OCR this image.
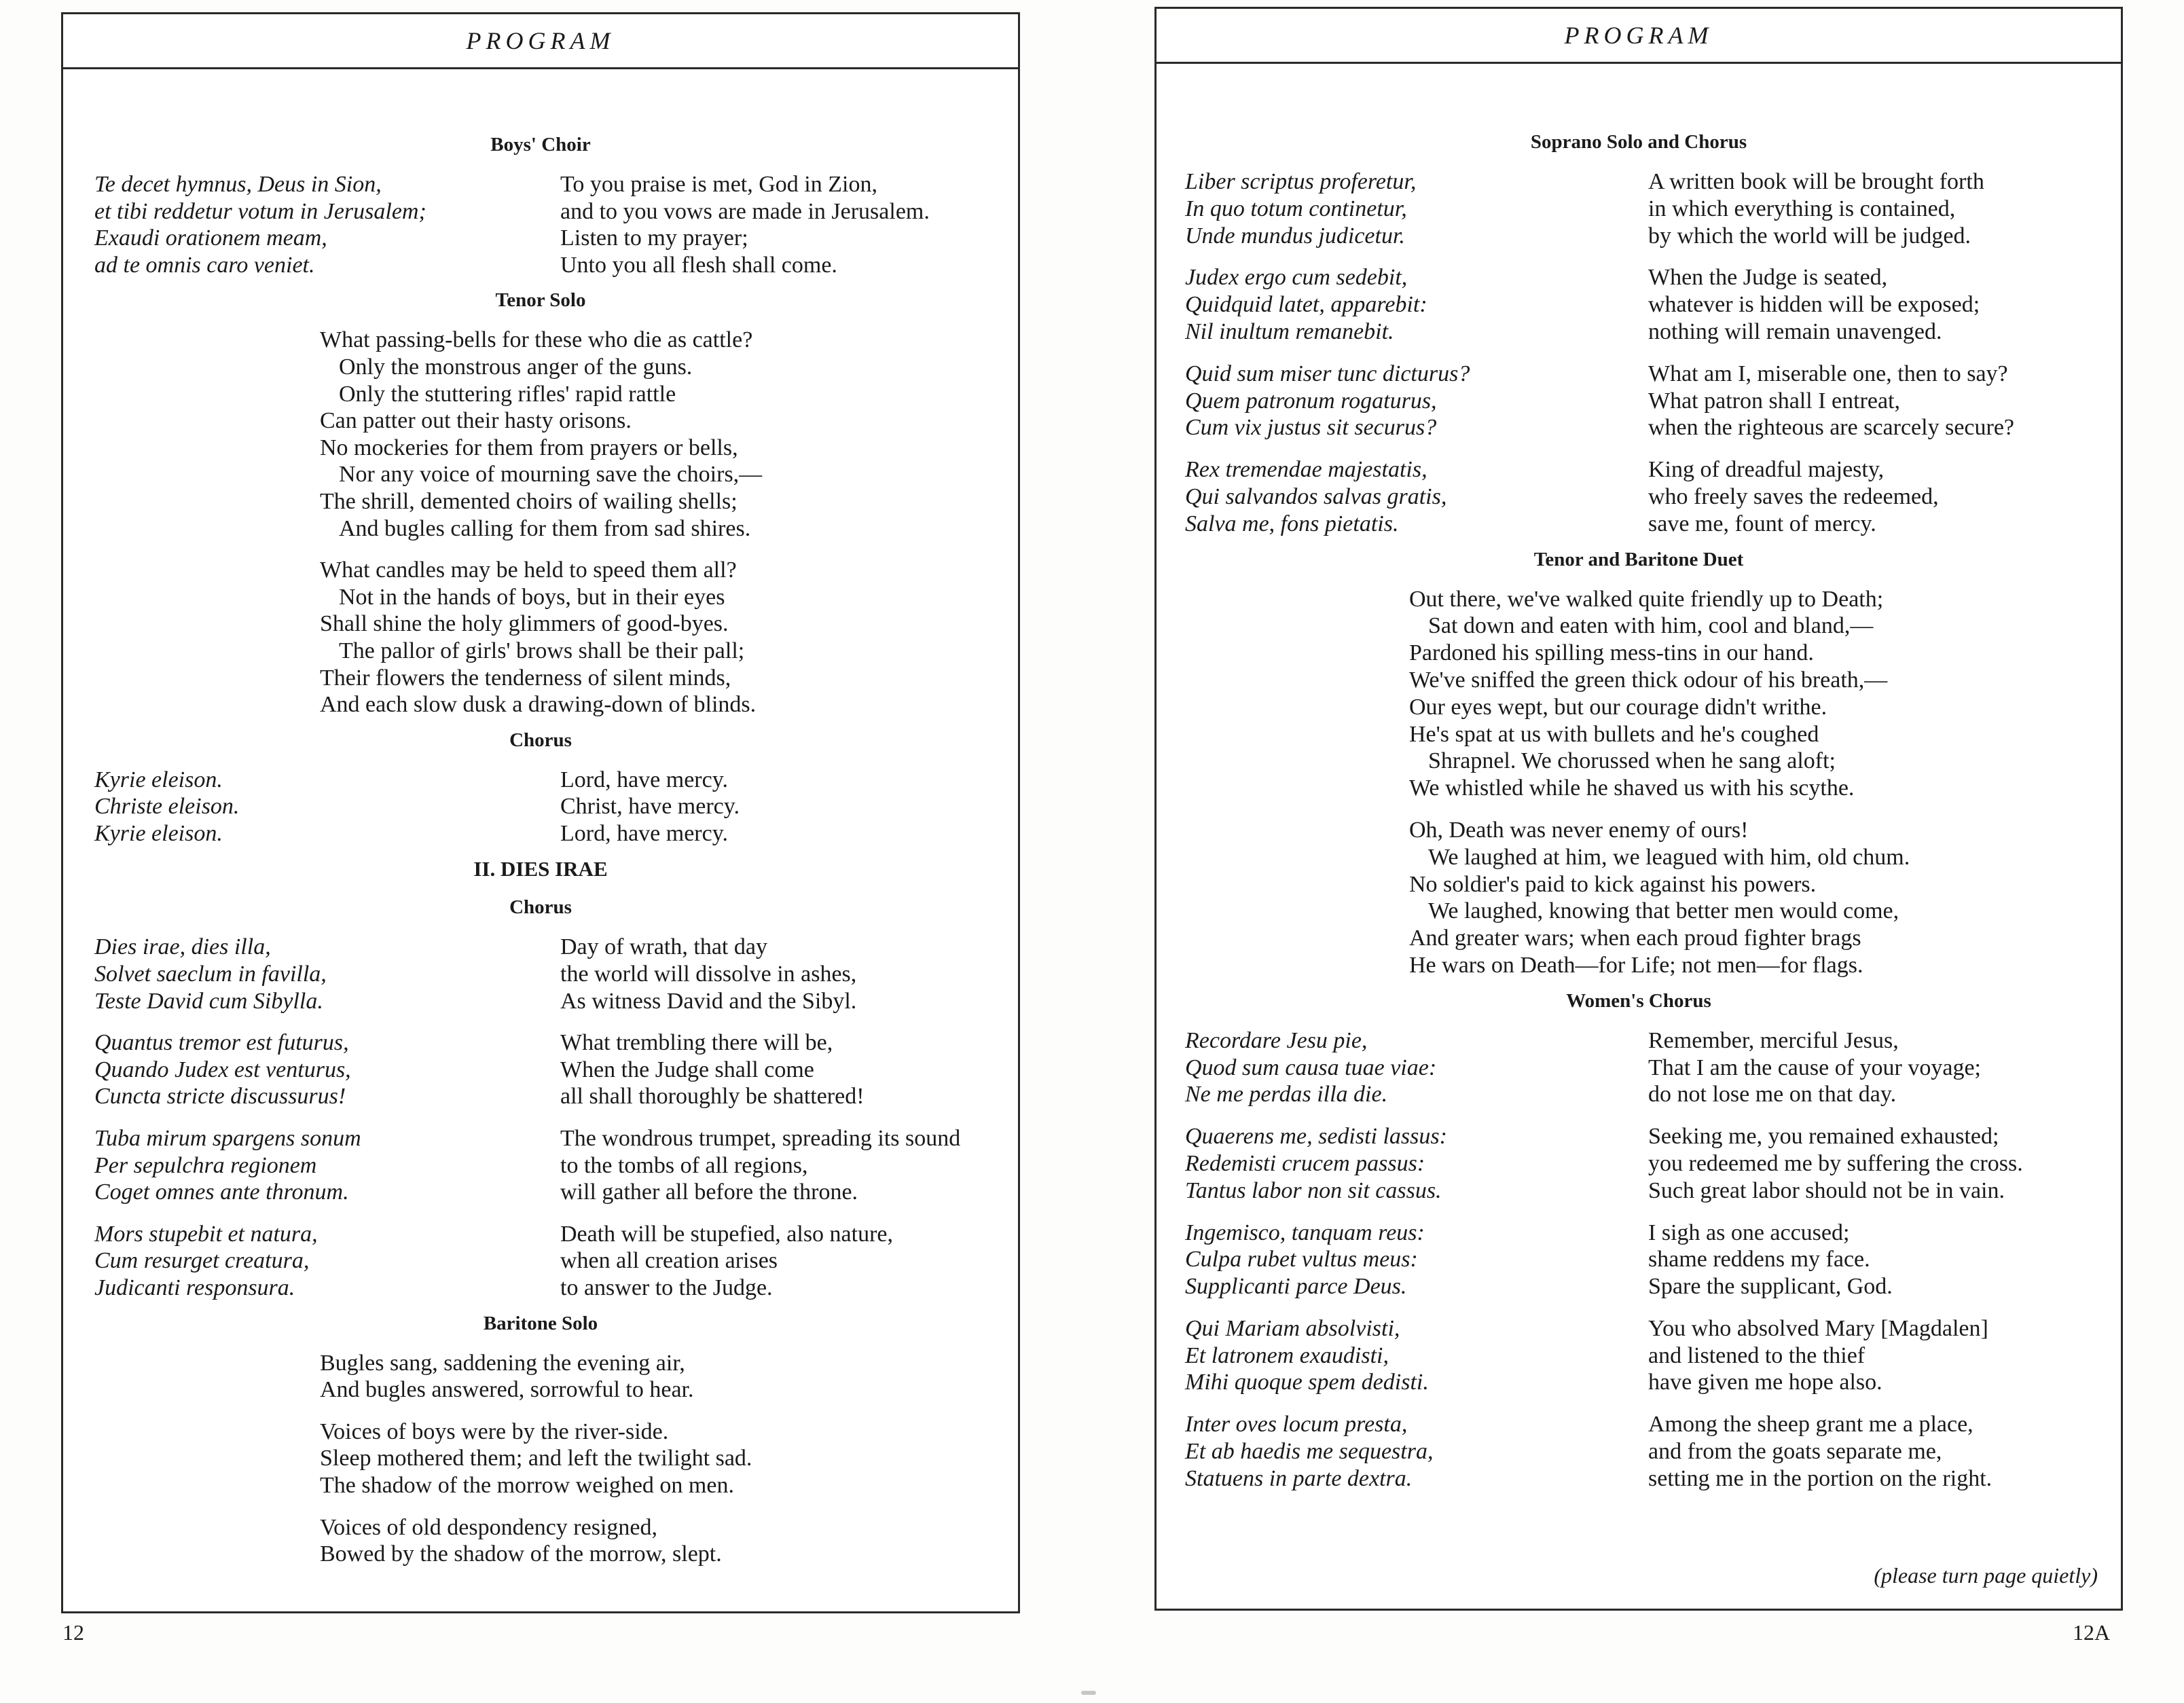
PROGRAM
Boys' Choir
Te decet hymnus, Deus in Sion,
et tibi reddetur votum in Jerusalem;
Exaudi orationem meam,
ad te omnis caro veniet.
To you praise is met, God in Zion,
and to you vows are made in Jerusalem.
Listen to my prayer;
Unto you all flesh shall come.
Tenor Solo
What passing-bells for these who die as cattle?
Only the monstrous anger of the guns.
Only the stuttering rifles' rapid rattle
Can patter out their hasty orisons.
No mockeries for them from prayers or bells,
Nor any voice of mourning save the choirs,—
The shrill, demented choirs of wailing shells;
And bugles calling for them from sad shires.
What candles may be held to speed them all?
Not in the hands of boys, but in their eyes
Shall shine the holy glimmers of good-byes.
The pallor of girls' brows shall be their pall;
Their flowers the tenderness of silent minds,
And each slow dusk a drawing-down of blinds.
Chorus
Kyrie eleison.
Christe eleison.
Kyrie eleison.
Lord, have mercy.
Christ, have mercy.
Lord, have mercy.
II. DIES IRAE
Chorus
Dies irae, dies illa,
Solvet saeclum in favilla,
Teste David cum Sibylla.
Day of wrath, that day
the world will dissolve in ashes,
As witness David and the Sibyl.
Quantus tremor est futurus,
Quando Judex est venturus,
Cuncta stricte discussurus!
What trembling there will be,
When the Judge shall come
all shall thoroughly be shattered!
Tuba mirum spargens sonum
Per sepulchra regionem
Coget omnes ante thronum.
The wondrous trumpet, spreading its sound
to the tombs of all regions,
will gather all before the throne.
Mors stupebit et natura,
Cum resurget creatura,
Judicanti responsura.
Death will be stupefied, also nature,
when all creation arises
to answer to the Judge.
Baritone Solo
Bugles sang, saddening the evening air,
And bugles answered, sorrowful to hear.
Voices of boys were by the river-side.
Sleep mothered them; and left the twilight sad.
The shadow of the morrow weighed on men.
Voices of old despondency resigned,
Bowed by the shadow of the morrow, slept.
12
PROGRAM
Soprano Solo and Chorus
Liber scriptus proferetur,
In quo totum continetur,
Unde mundus judicetur.
A written book will be brought forth
in which everything is contained,
by which the world will be judged.
Judex ergo cum sedebit,
Quidquid latet, apparebit:
Nil inultum remanebit.
When the Judge is seated,
whatever is hidden will be exposed;
nothing will remain unavenged.
Quid sum miser tunc dicturus?
Quem patronum rogaturus,
Cum vix justus sit securus?
What am I, miserable one, then to say?
What patron shall I entreat,
when the righteous are scarcely secure?
Rex tremendae majestatis,
Qui salvandos salvas gratis,
Salva me, fons pietatis.
King of dreadful majesty,
who freely saves the redeemed,
save me, fount of mercy.
Tenor and Baritone Duet
Out there, we've walked quite friendly up to Death;
Sat down and eaten with him, cool and bland,—
Pardoned his spilling mess-tins in our hand.
We've sniffed the green thick odour of his breath,—
Our eyes wept, but our courage didn't writhe.
He's spat at us with bullets and he's coughed
Shrapnel. We chorussed when he sang aloft;
We whistled while he shaved us with his scythe.
Oh, Death was never enemy of ours!
We laughed at him, we leagued with him, old chum.
No soldier's paid to kick against his powers.
We laughed, knowing that better men would come,
And greater wars; when each proud fighter brags
He wars on Death—for Life; not men—for flags.
Women's Chorus
Recordare Jesu pie,
Quod sum causa tuae viae:
Ne me perdas illa die.
Remember, merciful Jesus,
That I am the cause of your voyage;
do not lose me on that day.
Quaerens me, sedisti lassus:
Redemisti crucem passus:
Tantus labor non sit cassus.
Seeking me, you remained exhausted;
you redeemed me by suffering the cross.
Such great labor should not be in vain.
Ingemisco, tanquam reus:
Culpa rubet vultus meus:
Supplicanti parce Deus.
I sigh as one accused;
shame reddens my face.
Spare the supplicant, God.
Qui Mariam absolvisti,
Et latronem exaudisti,
Mihi quoque spem dedisti.
You who absolved Mary [Magdalen]
and listened to the thief
have given me hope also.
Inter oves locum presta,
Et ab haedis me sequestra,
Statuens in parte dextra.
Among the sheep grant me a place,
and from the goats separate me,
setting me in the portion on the right.
(please turn page quietly)
12A
